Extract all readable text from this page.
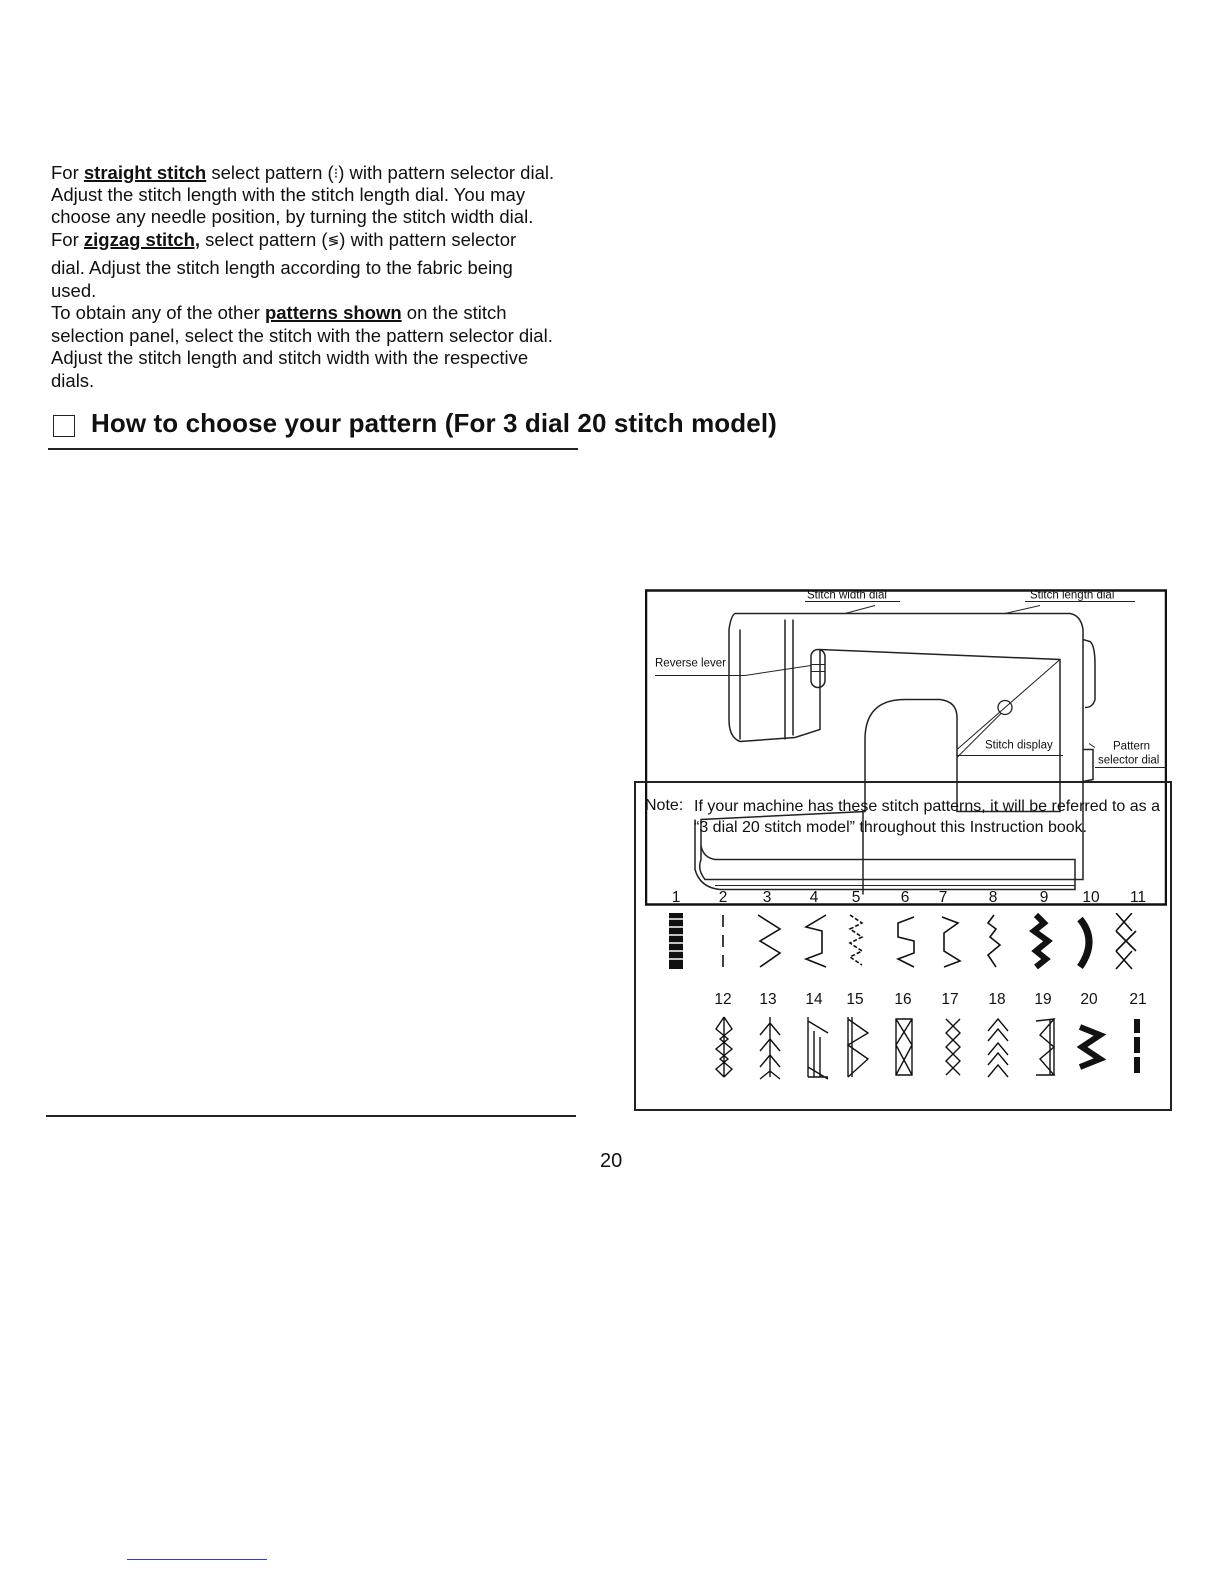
How to choose your pattern (For 3 dial 20 stitch model)
For straight stitch select pattern (⁝) with pattern selector dial.
Adjust the stitch length with the stitch length dial. You may
choose any needle position, by turning the stitch width dial.
For zigzag stitch, select pattern (≶) with pattern selector
dial. Adjust the stitch length according to the fabric being
used.
To obtain any of the other patterns shown on the stitch
selection panel, select the stitch with the pattern selector dial.
Adjust the stitch length and stitch width with the respective
dials.
Stitch width dial	Stitch length dial
Reverse lever
Stitch display	Pattern
selector dial
Note: If your machine has these stitch patterns, it will be referred to as a “3 dial 20 stitch model” throughout this Instruction book.
1	2	3	4	5	6	7	8	9	10	11
12	13	14	15	16	17	18	19	20	21
20
